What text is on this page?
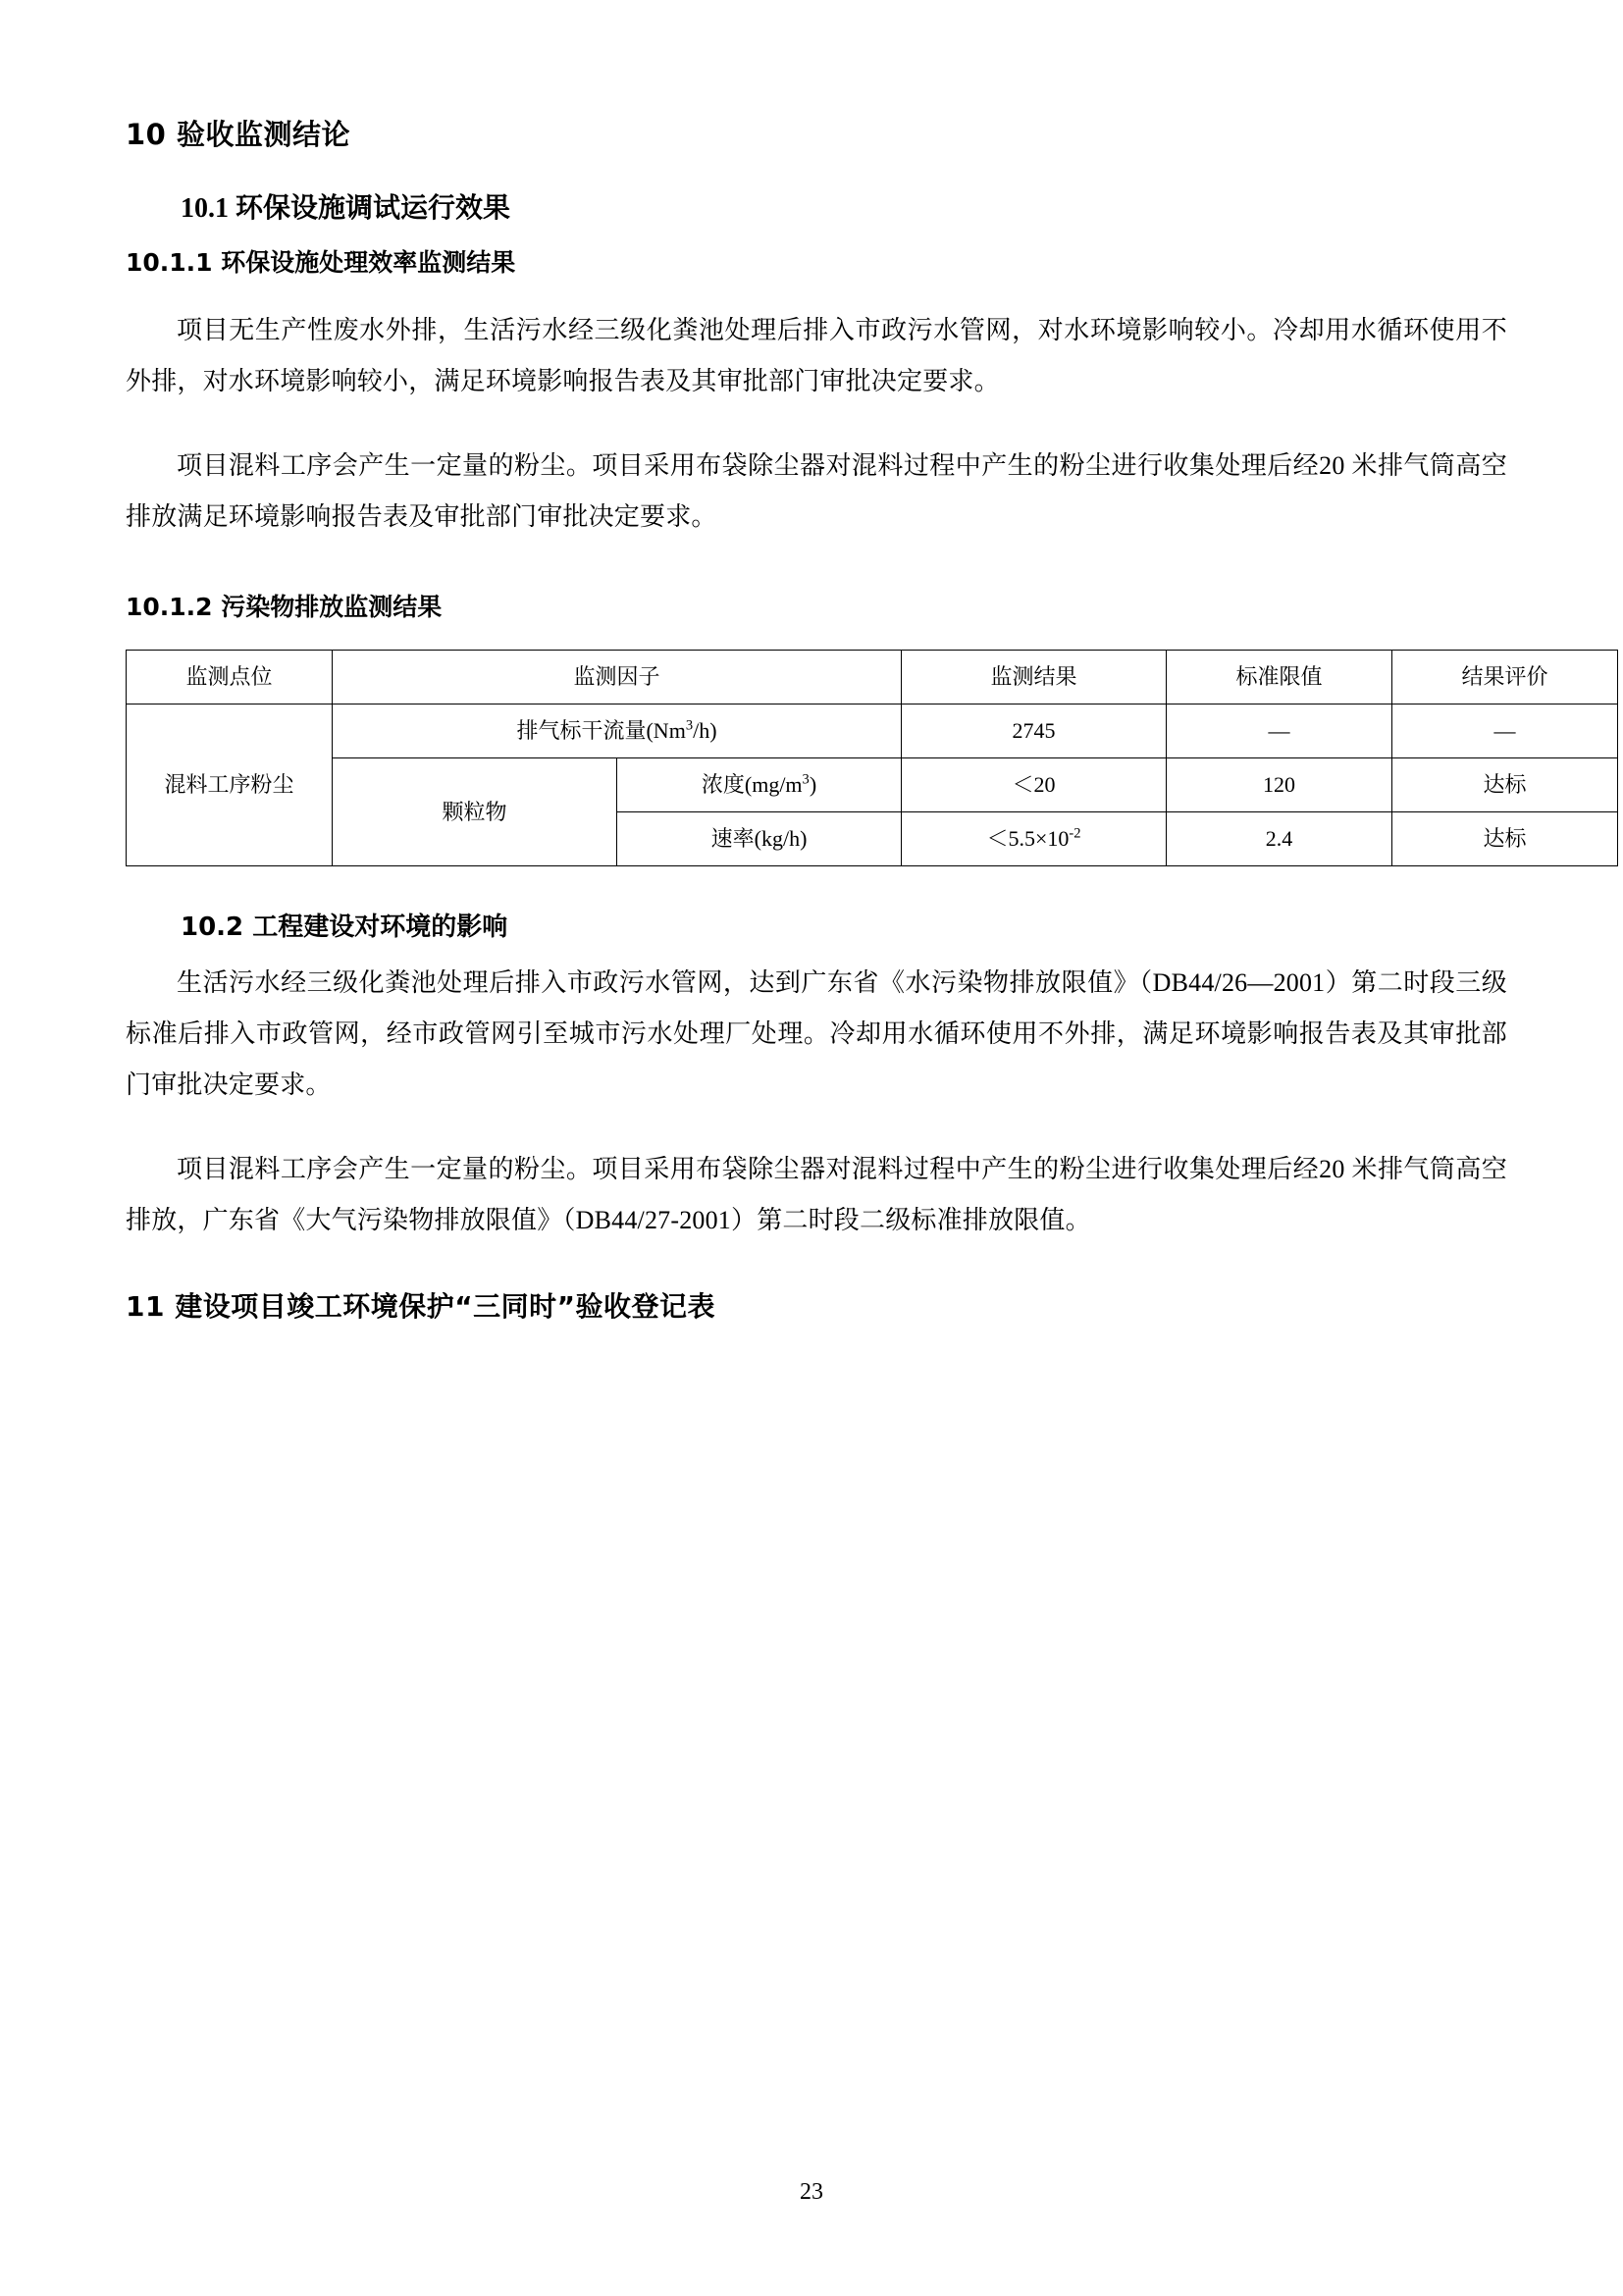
10 验收监测结论
10.1 环保设施调试运行效果
10.1.1 环保设施处理效率监测结果

项目无生产性废水外排，生活污水经三级化粪池处理后排入市政污水管网，对水环境影响较小。冷却用水循环使用不外排，对水环境影响较小，满足环境影响报告表及其审批部门审批决定要求。

项目混料工序会产生一定量的粉尘。项目采用布袋除尘器对混料过程中产生的粉尘进行收集处理后经20 米排气筒高空排放满足环境影响报告表及审批部门审批决定要求。

10.1.2 污染物排放监测结果
监测点位	监测因子		监测结果	标准限值	结果评价
混料工序粉尘	排气标干流量(Nm$^3$/h)		2745	—	—
	颗粒物	浓度$(mg/m^3)$	＜20	120	达标
		速率(kg/h)	$<5.5\times 10^{-2}$	2.4	达标
10.2 工程建设对环境的影响

生活污水经三级化粪池处理后排入市政污水管网，达到广东省《水污染物排放限值》（DB44/26—2001）第二时段三级标准后排入市政管网，经市政管网引至城市污水处理厂处理。冷却用水循环使用不外排，满足环境影响报告表及其审批部门审批决定要求。

项目混料工序会产生一定量的粉尘。项目采用布袋除尘器对混料过程中产生的粉尘进行收集处理后经20 米排气筒高空排放，广东省《大气污染物排放限值》（DB44/27-2001）第二时段二级标准排放限值。

11 建设项目竣工环境保护“三同时”验收登记表
23
